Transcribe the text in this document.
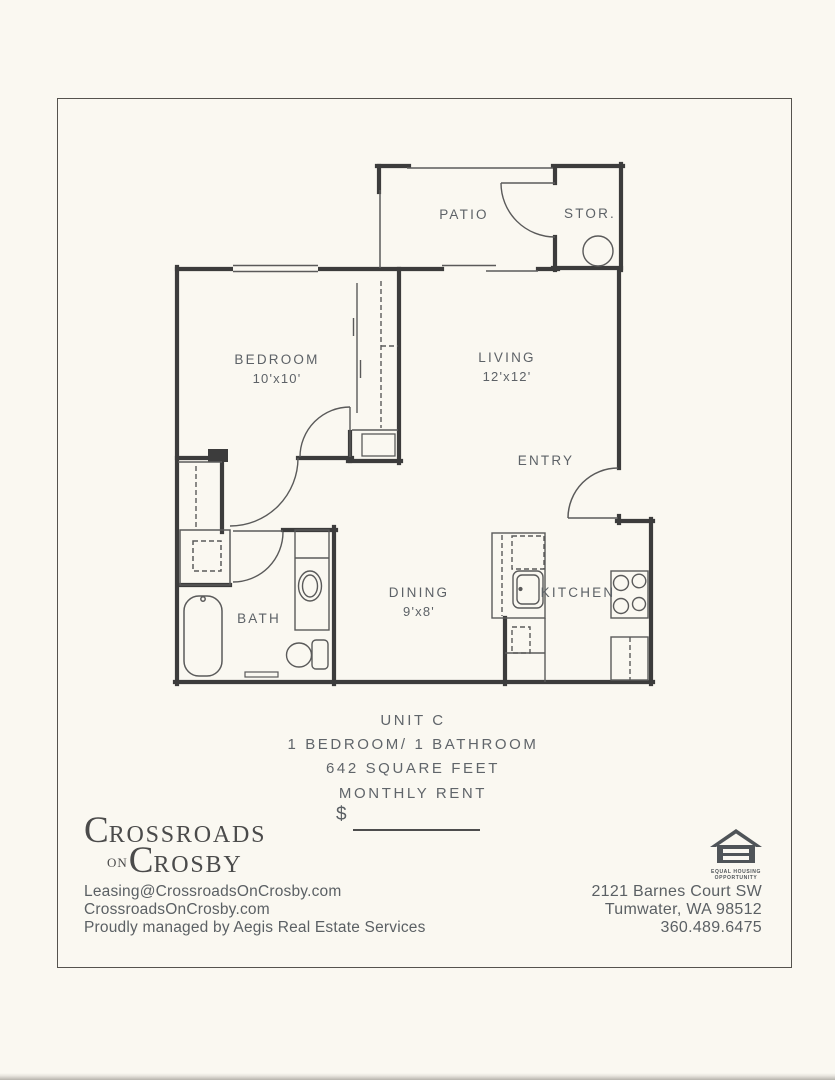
PATIO	STOR.
BEDROOM
10'x10'
LIVING
12'x12'
ENTRY
BATH
DINING
9'x8'
KITCHEN
UNIT C
1 BEDROOM/ 1 BATHROOM
642 SQUARE FEET
MONTHLY RENT
$
CROSSROADS
$^{ON}$CROSBY
Leasing@CrossroadsOnCrosby.com
CrossroadsOnCrosby.com
Proudly managed by Aegis Real Estate Services
2121 Barnes Court SW
Tumwater, WA 98512
360.489.6475
EQUAL HOUSING
OPPORTUNITY
